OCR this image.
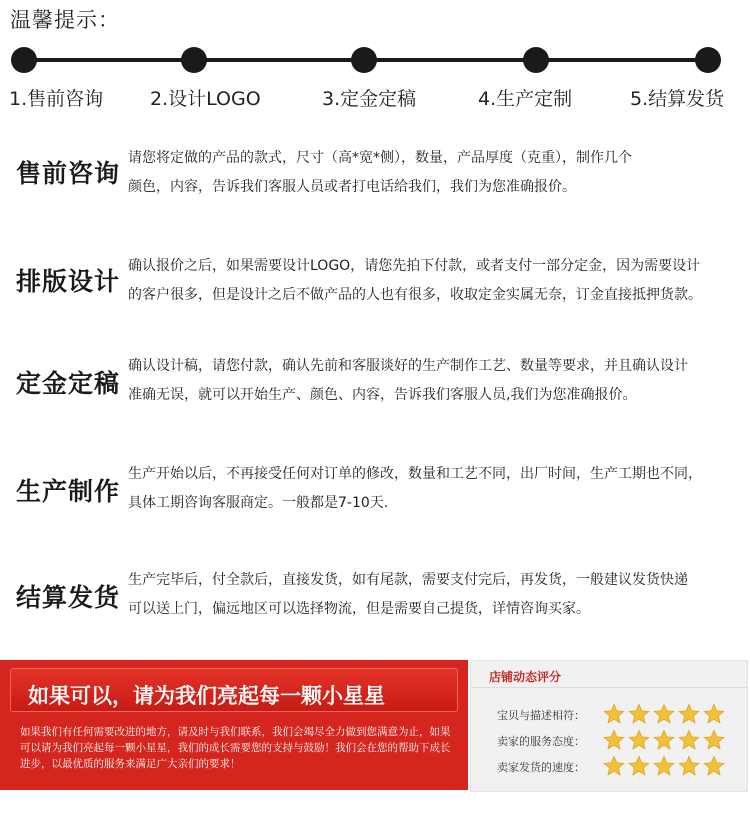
温馨提示：
1.售前咨询 2.设计LOGO	3.定金定稿	4.生产定制	5.结算发货
售前咨询
请您将定做的产品的款式，尺寸（高*宽*侧），数量，产品厚度（克重），制作几个
颜色，内容，告诉我们客服人员或者打电话给我们，我们为您准确报价。
排版设计
确认报价之后，如果需要设计LOGO，请您先拍下付款，或者支付一部分定金，因为需要设计
的客户很多，但是设计之后不做产品的人也有很多，收取定金实属无奈，订金直接抵押货款。
定金定稿
确认设计稿，请您付款，确认先前和客服谈好的生产制作工艺、数量等要求，并且确认设计
准确无误，就可以开始生产、颜色、内容，告诉我们客服人员,我们为您准确报价。
生产制作
生产开始以后，不再接受任何对订单的修改，数量和工艺不同，出厂时间，生产工期也不同，
具体工期咨询客服商定。一般都是7-10天.
结算发货
生产完毕后，付全款后，直接发货，如有尾款，需要支付完后，再发货，一般建议发货快递
可以送上门，偏远地区可以选择物流，但是需要自己提货，详情咨询买家。
如果可以，请为我们亮起每一颗小星星
如果我们有任何需要改进的地方，请及时与我们联系，我们会竭尽全力做到您满意为止，如果可以请为我们亮起每一颗小星星，我们的成长需要您的支持与鼓励！我们会在您的帮助下成长进步，以最优质的服务来满足广大亲们的要求！
店铺动态评分
宝贝与描述相符：
卖家的服务态度：
卖家发货的速度：
